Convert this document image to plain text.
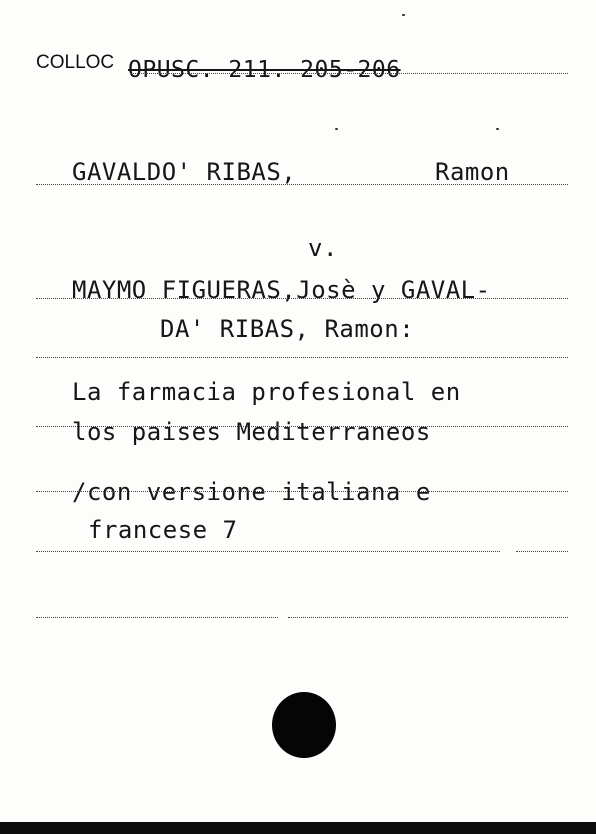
COLLOC OPUSC. 211. 205-206
GAVALDO' RIBAS,	Ramon
v.
MAYMO FIGUERAS,Josè y GAVAL-
DA' RIBAS, Ramon:
La farmacia profesional en
los paises Mediterraneos
/con versione italiana e
francese 7
